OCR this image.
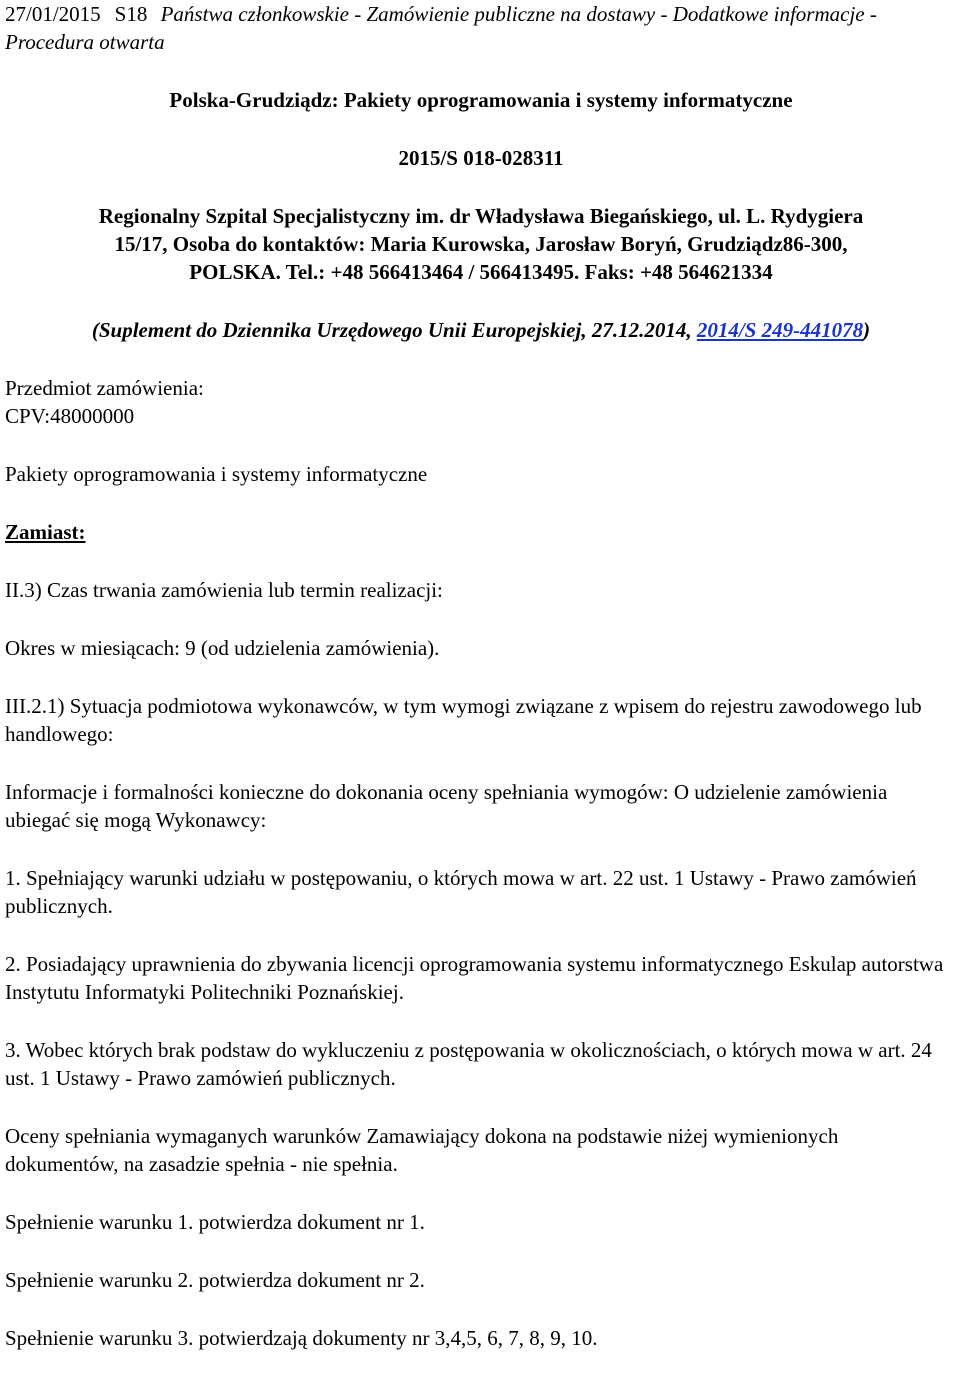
27/01/2015 S18 Państwa członkowskie - Zamówienie publiczne na dostawy - Dodatkowe informacje - Procedura otwarta

Polska-Grudziądz: Pakiety oprogramowania i systemy informatyczne

2015/S 018-028311

Regionalny Szpital Specjalistyczny im. dr Władysława Biegańskiego, ul. L. Rydygiera

15/17, Osoba do kontaktów: Maria Kurowska, Jarosław Boryń, Grudziądz86-300,

POLSKA. Tel.: +48 566413464 / 566413495. Faks: +48 564621334

(Suplement do Dziennika Urzędowego Unii Europejskiej, 27.12.2014, 2014/S 249-441078)

Przedmiot zamówienia:

CPV:48000000

Pakiety oprogramowania i systemy informatyczne

Zamiast:

II.3) Czas trwania zamówienia lub termin realizacji:

Okres w miesiącach: 9 (od udzielenia zamówienia).

III.2.1) Sytuacja podmiotowa wykonawców, w tym wymogi związane z wpisem do rejestru zawodowego lub handlowego:

Informacje i formalności konieczne do dokonania oceny spełniania wymogów: O udzielenie zamówienia ubiegać się mogą Wykonawcy:

1. Spełniający warunki udziału w postępowaniu, o których mowa w art. 22 ust. 1 Ustawy - Prawo zamówień publicznych.

2. Posiadający uprawnienia do zbywania licencji oprogramowania systemu informatycznego Eskulap autorstwa Instytutu Informatyki Politechniki Poznańskiej.

3. Wobec których brak podstaw do wykluczeniu z postępowania w okolicznościach, o których mowa w art. 24 ust. 1 Ustawy - Prawo zamówień publicznych.

Oceny spełniania wymaganych warunków Zamawiający dokona na podstawie niżej wymienionych dokumentów, na zasadzie spełnia - nie spełnia.

Spełnienie warunku 1. potwierdza dokument nr 1.

Spełnienie warunku 2. potwierdza dokument nr 2.

Spełnienie warunku 3. potwierdzają dokumenty nr 3,4,5, 6, 7, 8, 9, 10.
